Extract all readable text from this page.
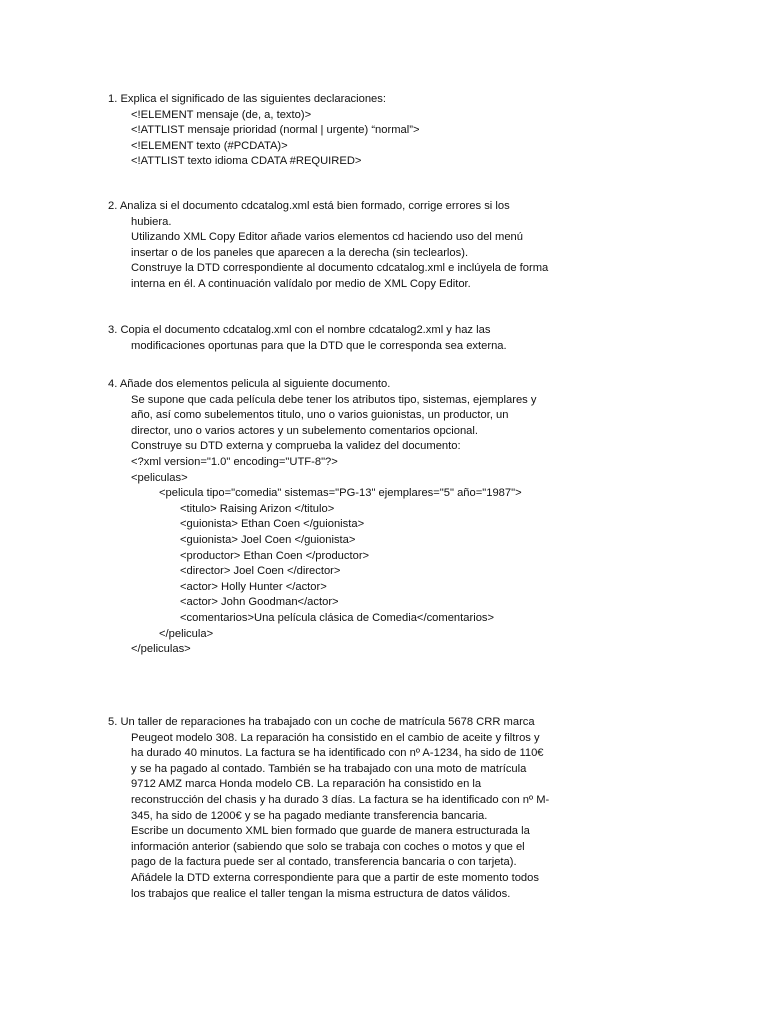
1. Explica el significado de las siguientes declaraciones:
<!ELEMENT mensaje (de, a, texto)>
<!ATTLIST mensaje prioridad (normal | urgente) “normal”>
<!ELEMENT texto (#PCDATA)>
<!ATTLIST texto idioma CDATA #REQUIRED>
2. Analiza si el documento cdcatalog.xml está bien formado, corrige errores si los
hubiera.
Utilizando XML Copy Editor añade varios elementos cd haciendo uso del menú
insertar o de los paneles que aparecen a la derecha (sin teclearlos).
Construye la DTD correspondiente al documento cdcatalog.xml e inclúyela de forma
interna en él. A continuación valídalo por medio de XML Copy Editor.
3. Copia el documento cdcatalog.xml con el nombre cdcatalog2.xml y haz las
modificaciones oportunas para que la DTD que le corresponda sea externa.
4. Añade dos elementos pelicula al siguiente documento.
Se supone que cada película debe tener los atributos tipo, sistemas, ejemplares y
año, así como subelementos titulo, uno o varios guionistas, un productor, un
director, uno o varios actores y un subelemento comentarios opcional.
Construye su DTD externa y comprueba la validez del documento:
<?xml version="1.0" encoding="UTF-8"?>
<peliculas>
<pelicula tipo="comedia" sistemas="PG-13" ejemplares="5" año="1987">
<titulo> Raising Arizon </titulo>
<guionista> Ethan Coen </guionista>
<guionista> Joel Coen </guionista>
<productor> Ethan Coen </productor>
<director> Joel Coen </director>
<actor> Holly Hunter </actor>
<actor> John Goodman</actor>
<comentarios>Una película clásica de Comedia</comentarios>
</pelicula>
</peliculas>
5. Un taller de reparaciones ha trabajado con un coche de matrícula 5678 CRR marca
Peugeot modelo 308. La reparación ha consistido en el cambio de aceite y filtros y
ha durado 40 minutos. La factura se ha identificado con nº A-1234, ha sido de 110€
y se ha pagado al contado. También se ha trabajado con una moto de matrícula
9712 AMZ marca Honda modelo CB. La reparación ha consistido en la
reconstrucción del chasis y ha durado 3 días. La factura se ha identificado con nº M-
345, ha sido de 1200€ y se ha pagado mediante transferencia bancaria.
Escribe un documento XML bien formado que guarde de manera estructurada la
información anterior (sabiendo que solo se trabaja con coches o motos y que el
pago de la factura puede ser al contado, transferencia bancaria o con tarjeta).
Añádele la DTD externa correspondiente para que a partir de este momento todos
los trabajos que realice el taller tengan la misma estructura de datos válidos.
